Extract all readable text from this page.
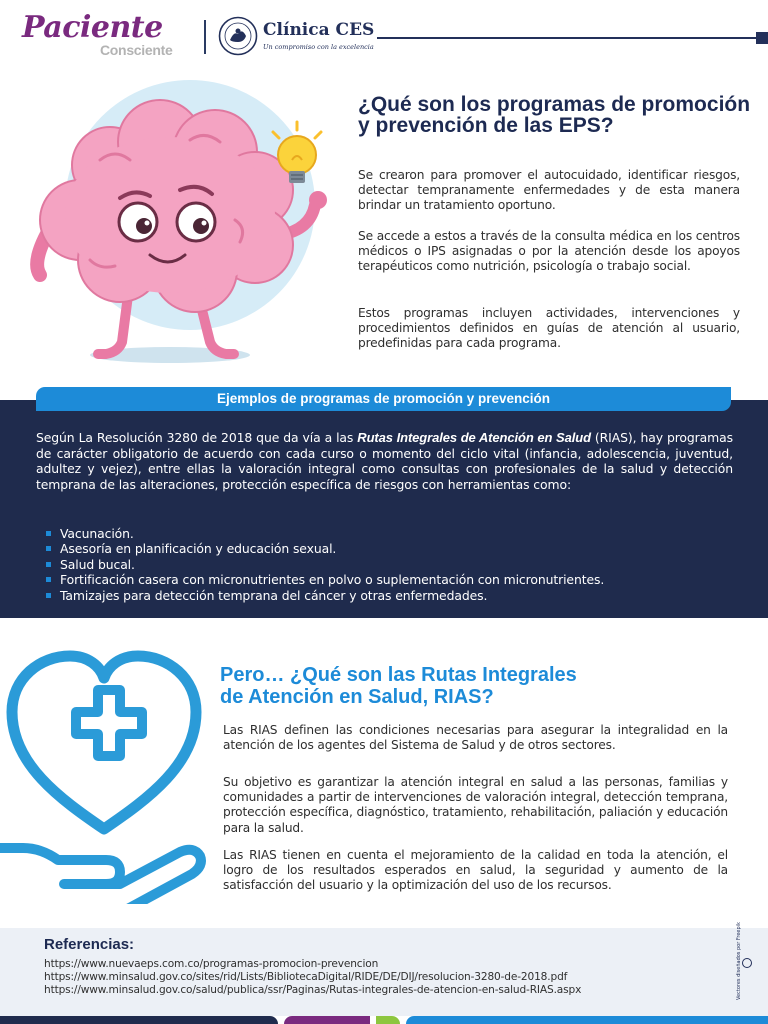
Paciente
Consciente
Clínica CES
Un compromiso con la excelencia
¿Qué son los programas de promoción y prevención de las EPS?
Se crearon para promover el autocuidado, identificar riesgos, detectar tempranamente enfermedades y de esta manera brindar un tratamiento oportuno.
Se accede a estos a través de la consulta médica en los centros médicos o IPS asignadas o por la atención desde los apoyos terapéuticos como nutrición, psicología o trabajo social.
Estos programas incluyen actividades, intervenciones y procedimientos definidos en guías de atención al usuario, predefinidas para cada programa.
Ejemplos de programas de promoción y prevención
Según La Resolución 3280 de 2018 que da vía a las Rutas Integrales de Atención en Salud (RIAS), hay programas de carácter obligatorio de acuerdo con cada curso o momento del ciclo vital (infancia, adolescencia, juventud, adultez y vejez), entre ellas la valoración integral como consultas con profesionales de la salud y detección temprana de las alteraciones, protección específica de riesgos con herramientas como:
Vacunación.
Asesoría en planificación y educación sexual.
Salud bucal.
Fortificación casera con micronutrientes en polvo o suplementación con micronutrientes.
Tamizajes para detección temprana del cáncer y otras enfermedades.
Pero… ¿Qué son las Rutas Integrales
de Atención en Salud, RIAS?
Las RIAS definen las condiciones necesarias para asegurar la integralidad en la atención de los agentes del Sistema de Salud y de otros sectores.
Su objetivo es garantizar la atención integral en salud a las personas, familias y comunidades a partir de intervenciones de valoración integral, detección temprana, protección específica, diagnóstico, tratamiento, rehabilitación, paliación y educación para la salud.
Las RIAS tienen en cuenta el mejoramiento de la calidad en toda la atención, el logro de los resultados esperados en salud, la seguridad y aumento de la satisfacción del usuario y la optimización del uso de los recursos.
Referencias:
https://www.nuevaeps.com.co/programas-promocion-prevencion
https://www.minsalud.gov.co/sites/rid/Lists/BibliotecaDigital/RIDE/DE/DIJ/resolucion-3280-de-2018.pdf
https://www.minsalud.gov.co/salud/publica/ssr/Paginas/Rutas-integrales-de-atencion-en-salud-RIAS.aspx	Vectores diseñados por Freepik
